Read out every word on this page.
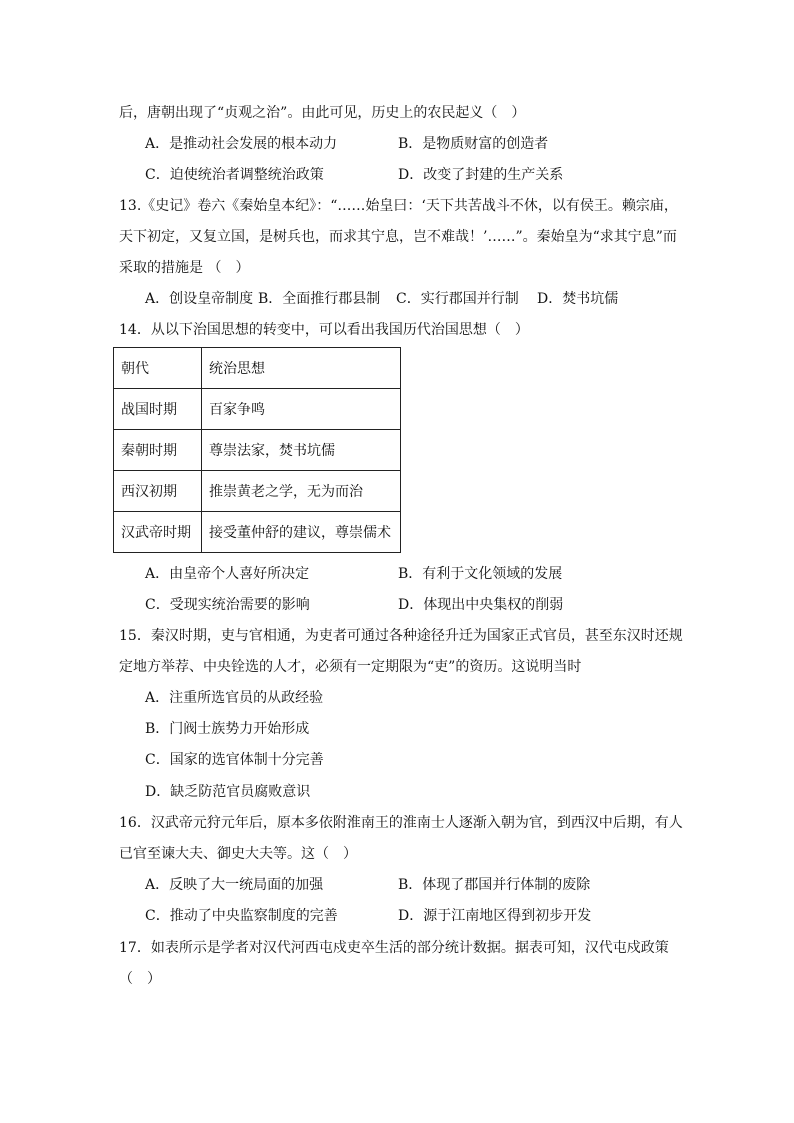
后，唐朝出现了“贞观之治”。由此可见，历史上的农民起义（　）
A．是推动社会发展的根本动力	B．是物质财富的创造者
C．迫使统治者调整统治政策	D．改变了封建的生产关系
13.《史记》卷六《秦始皇本纪》：“……始皇曰：‘天下共苦战斗不休，以有侯王。赖宗庙，
天下初定，又复立国，是树兵也，而求其宁息，岂不难哉！’……”。秦始皇为“求其宁息”而
采取的措施是 （　）
A．创设皇帝制度 B．全面推行郡县制 C．实行郡国并行制 D．焚书坑儒
14．从以下治国思想的转变中，可以看出我国历代治国思想（　）
朝代	统治思想
战国时期	百家争鸣
秦朝时期	尊崇法家，焚书坑儒
西汉初期	推崇黄老之学，无为而治
汉武帝时期	接受董仲舒的建议，尊崇儒术
A．由皇帝个人喜好所决定	B．有利于文化领域的发展
C．受现实统治需要的影响	D．体现出中央集权的削弱
15．秦汉时期，吏与官相通，为吏者可通过各种途径升迁为国家正式官员，甚至东汉时还规
定地方举荐、中央铨选的人才，必须有一定期限为“吏”的资历。这说明当时
A．注重所选官员的从政经验
B．门阀士族势力开始形成
C．国家的选官体制十分完善
D．缺乏防范官员腐败意识
16．汉武帝元狩元年后，原本多依附淮南王的淮南士人逐渐入朝为官，到西汉中后期，有人
已官至谏大夫、御史大夫等。这（　）
A．反映了大一统局面的加强	B．体现了郡国并行体制的废除
C．推动了中央监察制度的完善	D．源于江南地区得到初步开发
17．如表所示是学者对汉代河西屯戍吏卒生活的部分统计数据。据表可知，汉代屯戍政策
（　）
